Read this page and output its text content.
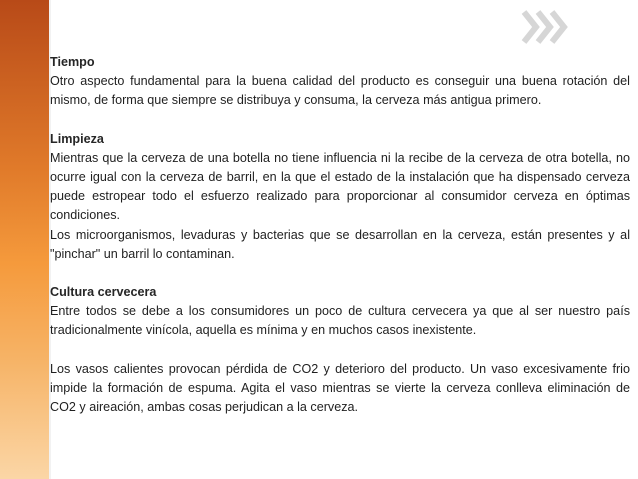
Tiempo

Otro aspecto fundamental para la buena calidad del producto es conseguir una buena rotación del mismo, de forma que siempre se distribuya y consuma, la cerveza más antigua primero.

Limpieza

Mientras que la cerveza de una botella no tiene influencia ni la recibe de la cerveza de otra botella, no ocurre igual con la cerveza de barril, en la que el estado de la instalación que ha dispensado cerveza puede estropear todo el esfuerzo realizado para proporcionar al consumidor cerveza en óptimas condiciones.

Los microorganismos, levaduras y bacterias que se desarrollan en la cerveza, están presentes y al "pinchar" un barril lo contaminan.

Cultura cervecera

Entre todos se debe a los consumidores un poco de cultura cervecera ya que al ser nuestro país tradicionalmente vinícola, aquella es mínima y en muchos casos inexistente.

Los vasos calientes provocan pérdida de CO2 y deterioro del producto. Un vaso excesivamente frio impide la formación de espuma. Agita el vaso mientras se vierte la cerveza conlleva eliminación de CO2 y aireación, ambas cosas perjudican a la cerveza.
